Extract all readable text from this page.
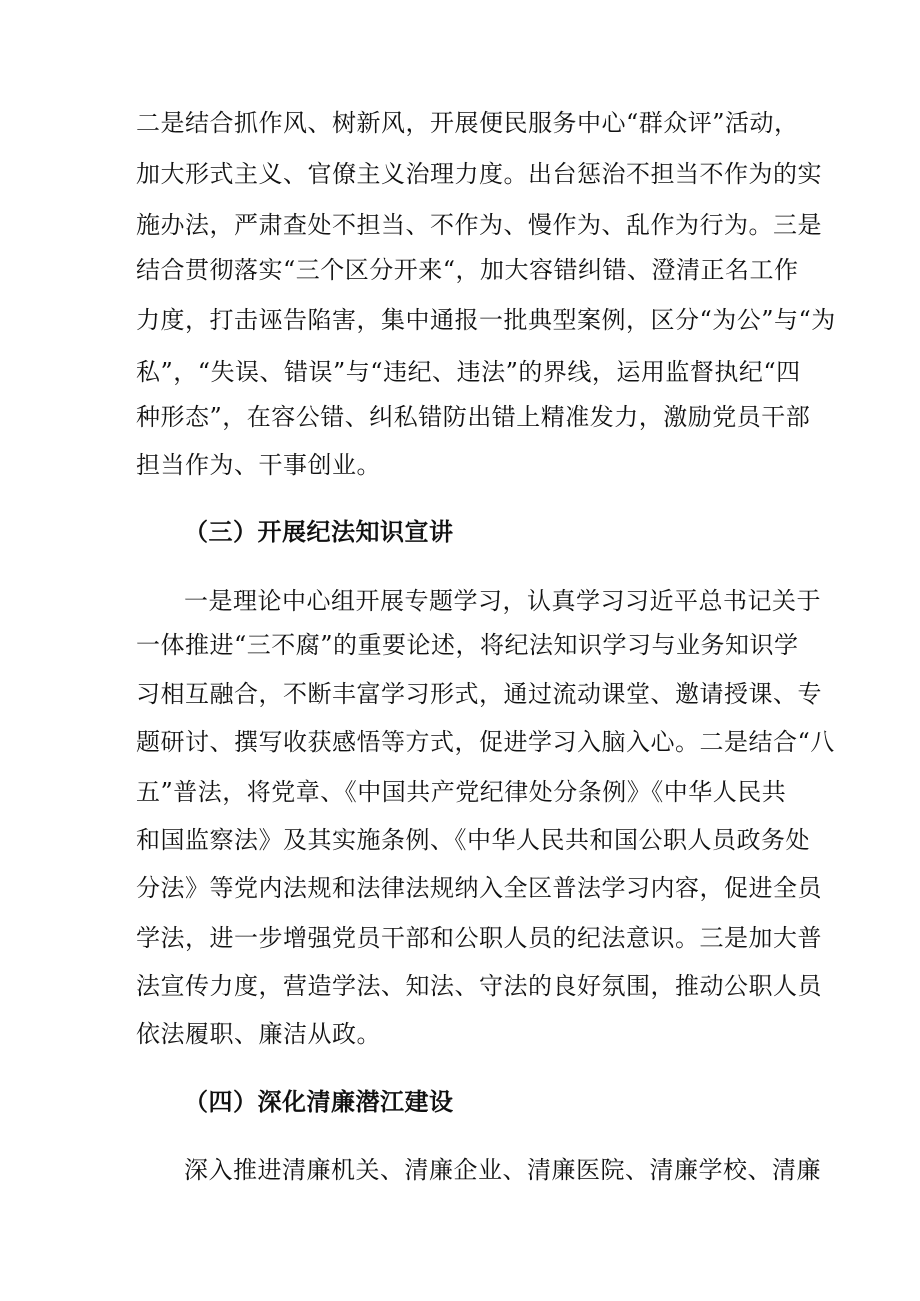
二是结合抓作风、树新风，开展便民服务中心“群众评”活动，
加大形式主义、官僚主义治理力度。出台惩治不担当不作为的实
施办法，严肃查处不担当、不作为、慢作为、乱作为行为。三是
结合贯彻落实“三个区分开来“，加大容错纠错、澄清正名工作
力度，打击诬告陷害，集中通报一批典型案例，区分“为公”与“为
私”，“失误、错误”与“违纪、违法”的界线，运用监督执纪“四
种形态”，在容公错、纠私错防出错上精准发力，激励党员干部
担当作为、干事创业。
（三）开展纪法知识宣讲
一是理论中心组开展专题学习，认真学习习近平总书记关于
一体推进“三不腐”的重要论述，将纪法知识学习与业务知识学
习相互融合，不断丰富学习形式，通过流动课堂、邀请授课、专
题研讨、撰写收获感悟等方式，促进学习入脑入心。二是结合“八
五”普法，将党章、《中国共产党纪律处分条例》《中华人民共
和国监察法》及其实施条例、《中华人民共和国公职人员政务处
分法》等党内法规和法律法规纳入全区普法学习内容，促进全员
学法，进一步增强党员干部和公职人员的纪法意识。三是加大普
法宣传力度，营造学法、知法、守法的良好氛围，推动公职人员
依法履职、廉洁从政。
（四）深化清廉潜江建设
深入推进清廉机关、清廉企业、清廉医院、清廉学校、清廉
